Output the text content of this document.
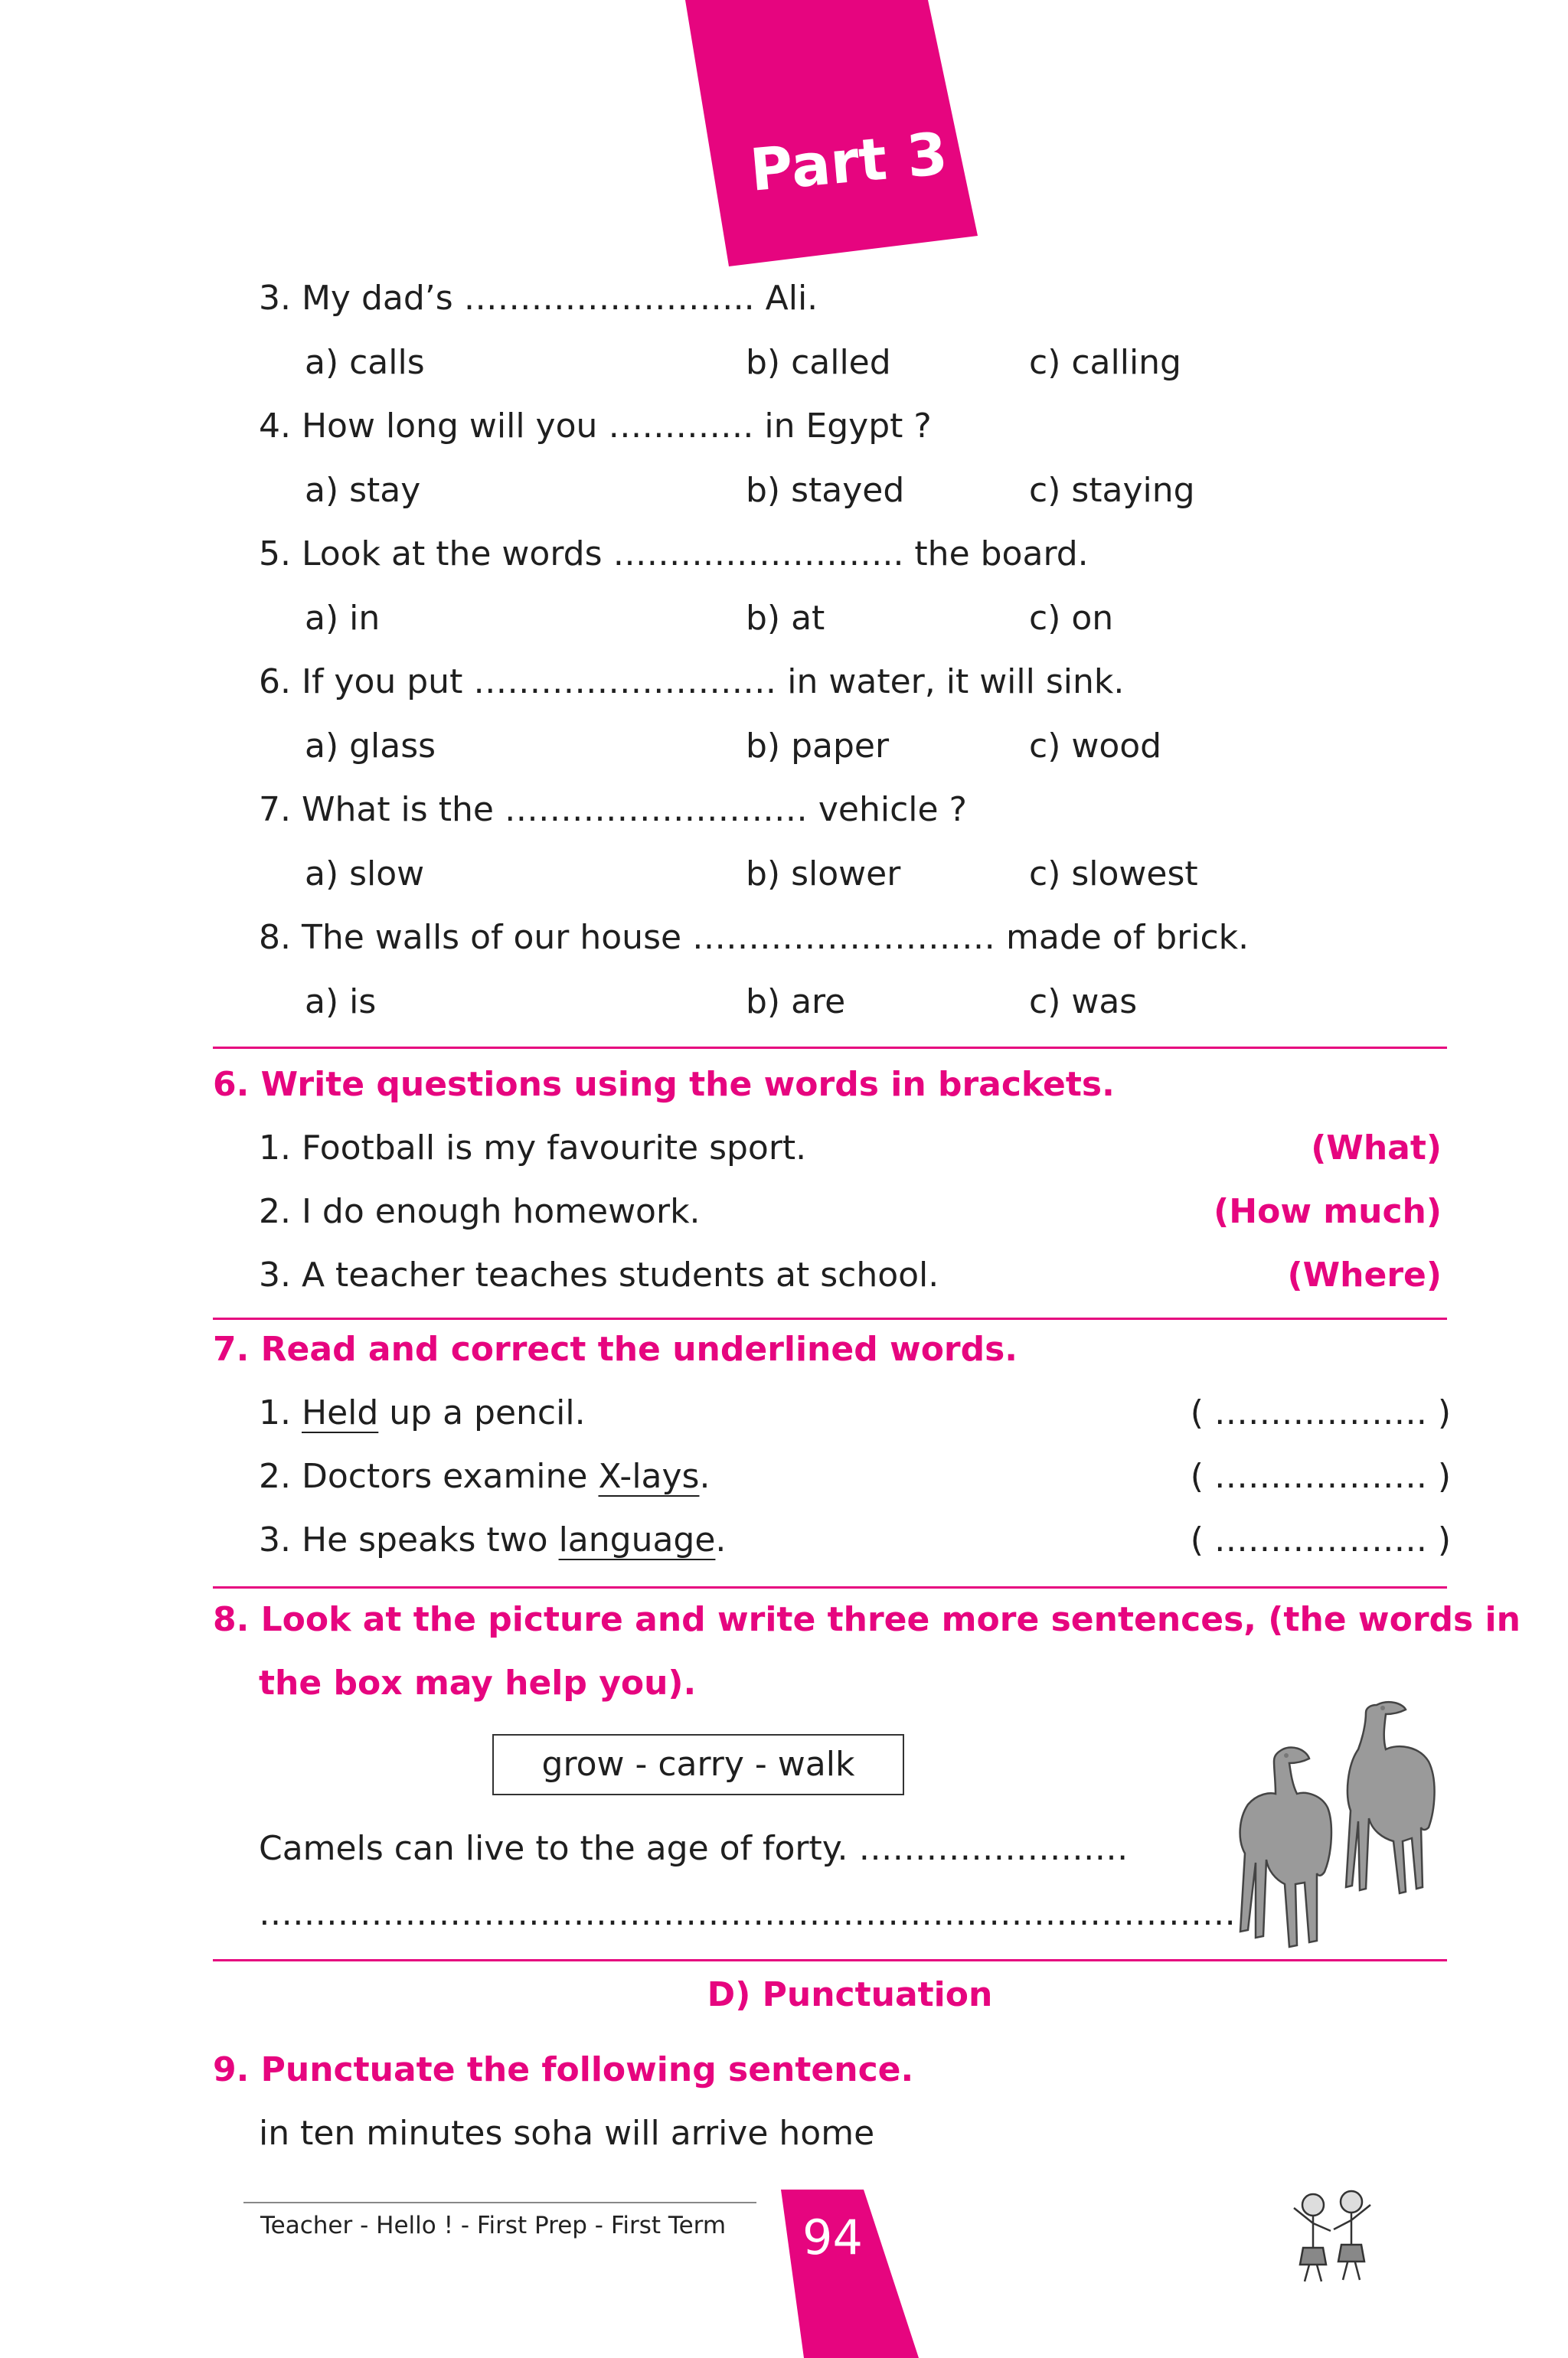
Part 3
3. My dad’s …………………….. Ali.
a) calls	b) called	c) calling
4. How long will you …………. in Egypt ?
a) stay	b) stayed	c) staying
5. Look at the words …………………….. the board.
a) in	b) at	c) on
6. If you put ……………………… in water, it will sink.
a) glass	b) paper	c) wood
7. What is the ……………………… vehicle ?
a) slow	b) slower	c) slowest
8. The walls of our house ……………………… made of brick.
a) is	b) are	c) was
6. Write questions using the words in brackets.
1. Football is my favourite sport.	(What)
2. I do enough homework.	(How much)
3. A teacher teaches students at school.	(Where)
7. Read and correct the underlined words.
1. Held up a pencil.	( ………………. )
2. Doctors examine X-lays.	( ………………. )
3. He speaks two language.	( ………………. )
8. Look at the picture and write three more sentences, (the words in
the box may help you).
grow - carry - walk
Camels can live to the age of forty. ……………………
……………………………………………………………………………
D) Punctuation
9. Punctuate the following sentence.
in ten minutes soha will arrive home
Teacher - Hello ! - First Prep - First Term 94
